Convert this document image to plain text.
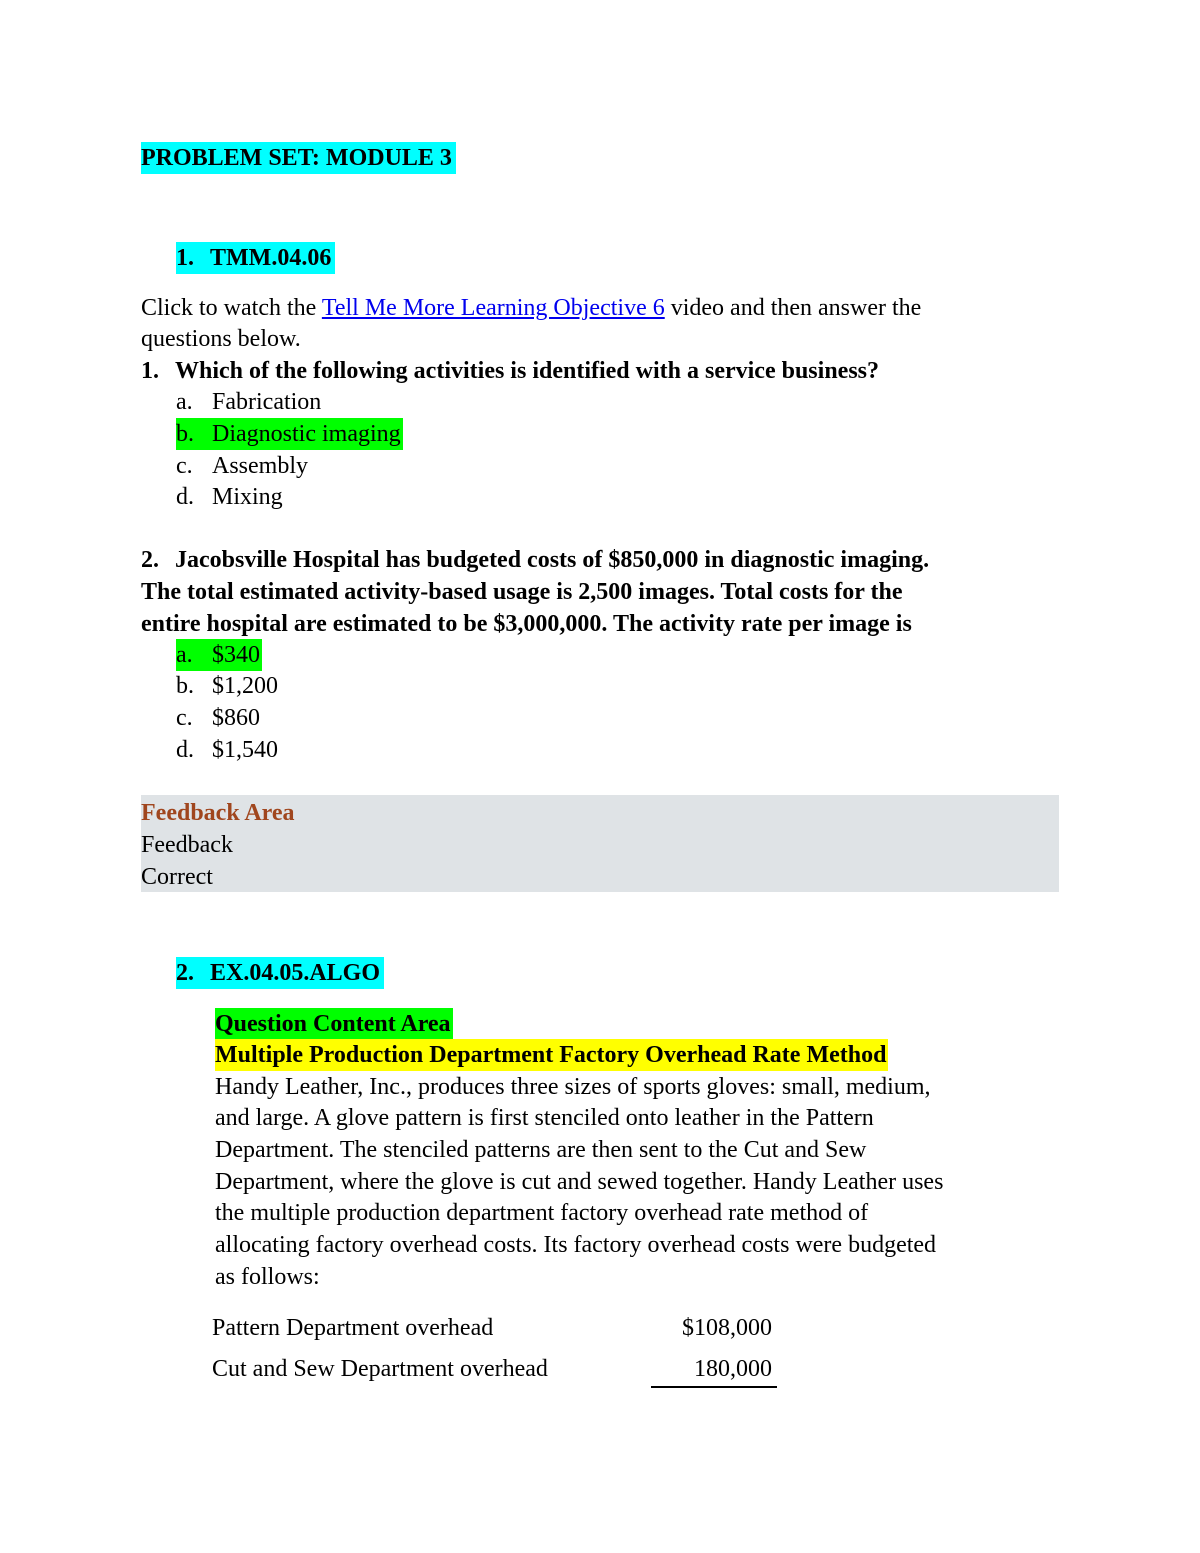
PROBLEM SET: MODULE 3
1. TMM.04.06
Click to watch the Tell Me More Learning Objective 6 video and then answer the
questions below.
1. Which of the following activities is identified with a service business?
a. Fabrication
b. Diagnostic imaging
c. Assembly
d. Mixing
2. Jacobsville Hospital has budgeted costs of $850,000 in diagnostic imaging.
The total estimated activity-based usage is 2,500 images. Total costs for the
entire hospital are estimated to be $3,000,000. The activity rate per image is
a. $340
b. $1,200
c. $860
d. $1,540
Feedback Area
Feedback
Correct
2. EX.04.05.ALGO
Question Content Area
Multiple Production Department Factory Overhead Rate Method
Handy Leather, Inc., produces three sizes of sports gloves: small, medium,
and large. A glove pattern is first stenciled onto leather in the Pattern
Department. The stenciled patterns are then sent to the Cut and Sew
Department, where the glove is cut and sewed together. Handy Leather uses
the multiple production department factory overhead rate method of
allocating factory overhead costs. Its factory overhead costs were budgeted
as follows:
Pattern Department overhead	$108,000
Cut and Sew Department overhead	180,000
